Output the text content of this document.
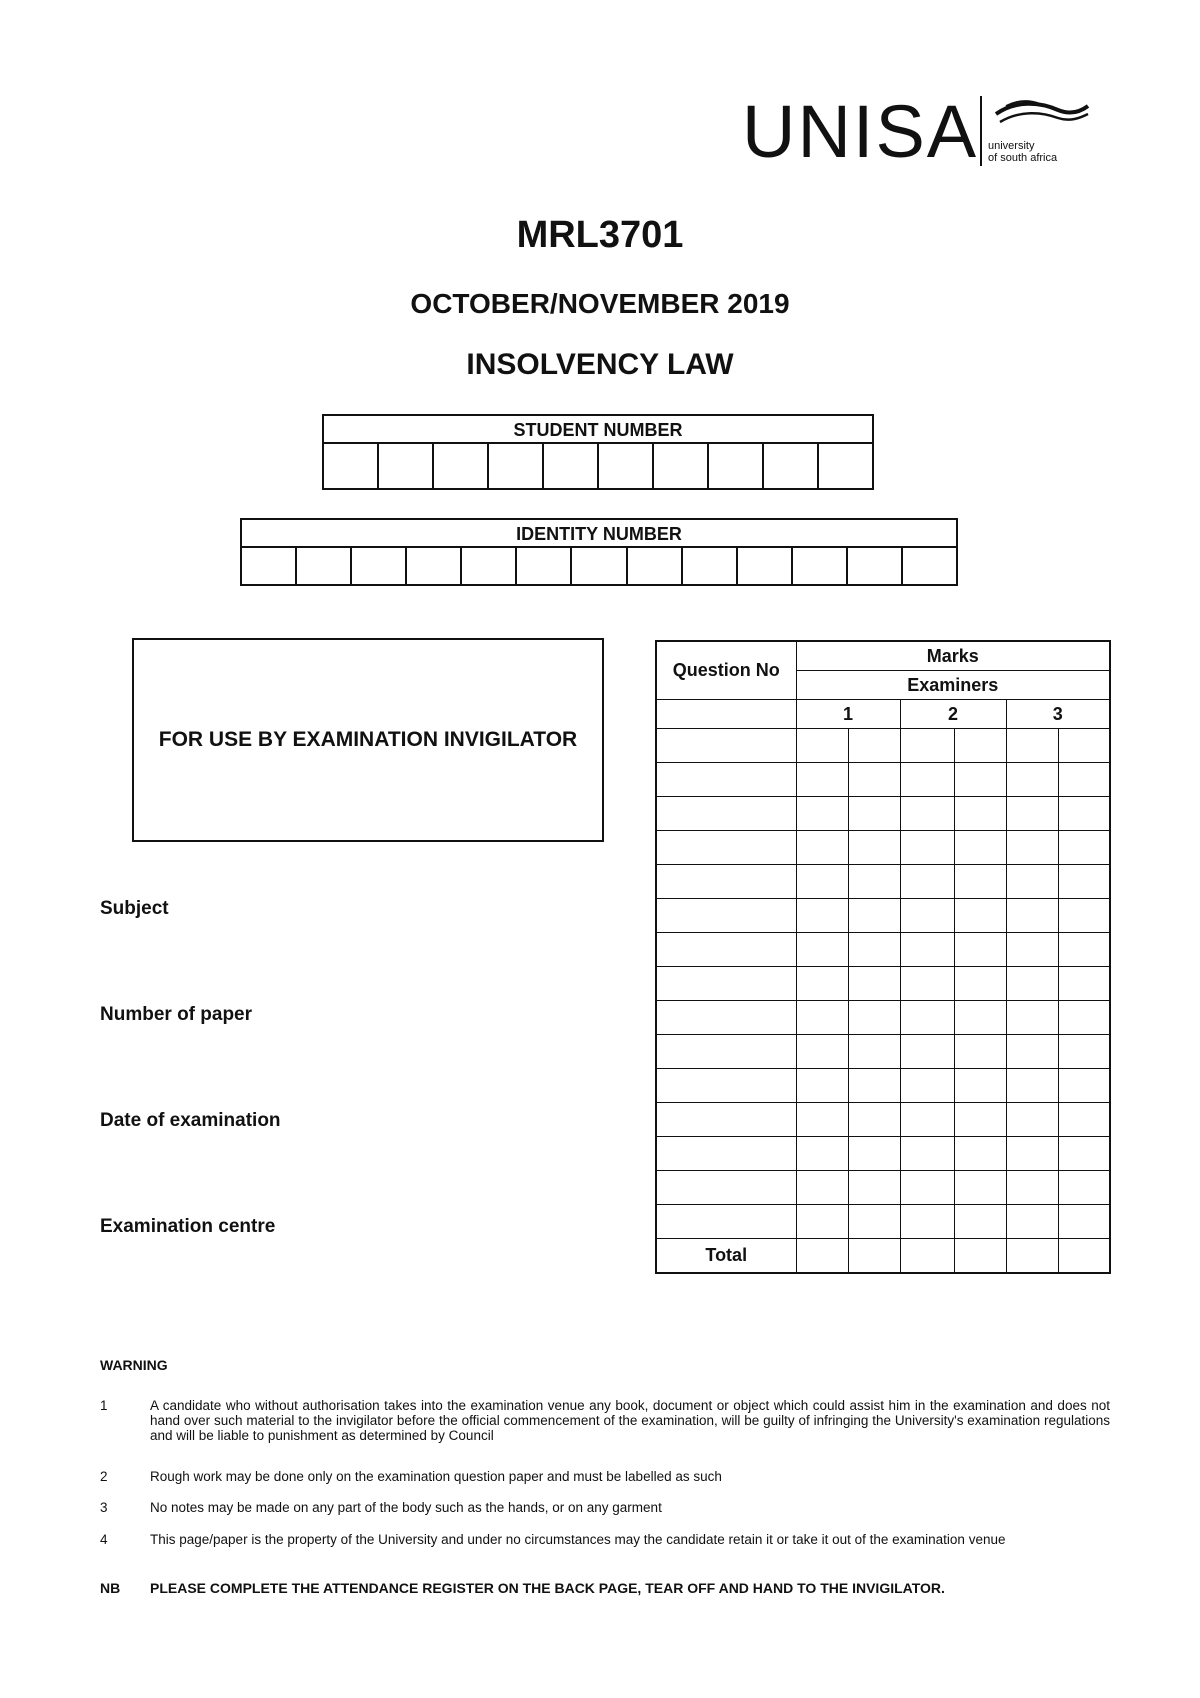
UNISA university
of south africa
MRL3701
OCTOBER/NOVEMBER 2019
INSOLVENCY LAW
STUDENT NUMBER
IDENTITY NUMBER
FOR USE BY EXAMINATION INVIGILATOR
Subject
Number of paper
Date of examination
Examination centre
Question No	Marks					
	Examiners					
	1		2		3	

Total						
WARNING
1	A candidate who without authorisation takes into the examination venue any book, document or object which could assist him in the examination and does not hand over such material to the invigilator before the official commencement of the examination, will be guilty of infringing the University's examination regulations and will be liable to punishment as determined by Council
2	Rough work may be done only on the examination question paper and must be labelled as such
3	No notes may be made on any part of the body such as the hands, or on any garment
4	This page/paper is the property of the University and under no circumstances may the candidate retain it or take it out of the examination venue
NB PLEASE COMPLETE THE ATTENDANCE REGISTER ON THE BACK PAGE, TEAR OFF AND HAND TO THE INVIGILATOR.
